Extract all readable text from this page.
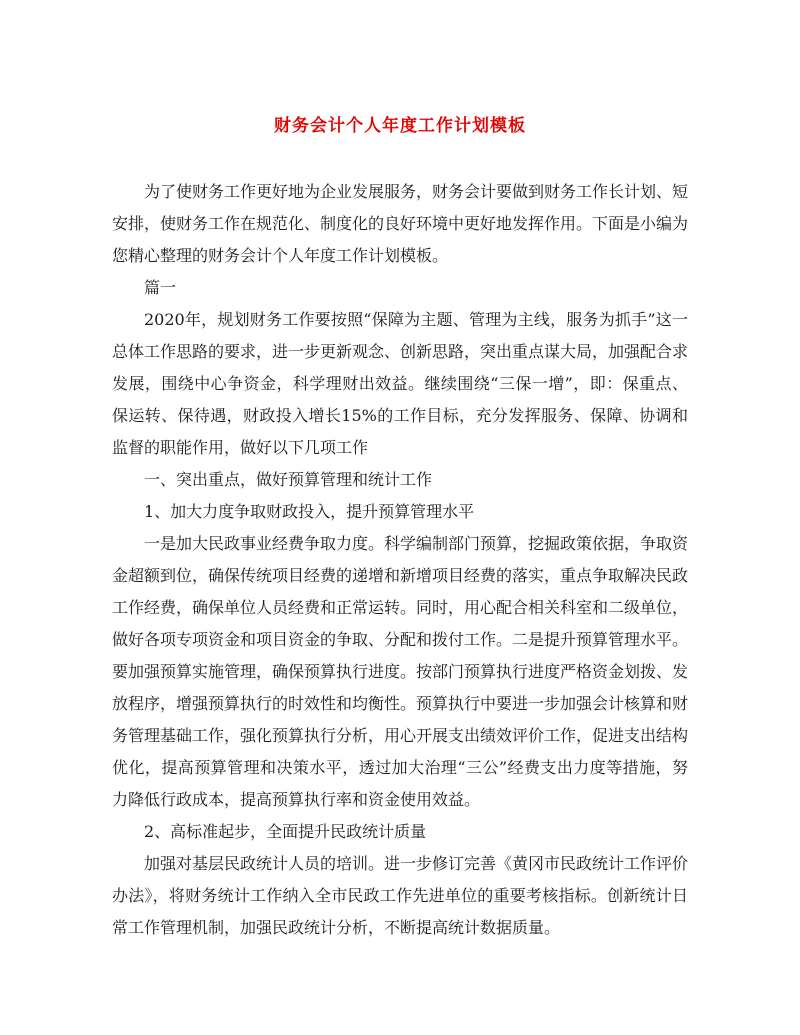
财务会计个人年度工作计划模板

为了使财务工作更好地为企业发展服务，财务会计要做到财务工作长计划、短安排，使财务工作在规范化、制度化的良好环境中更好地发挥作用。下面是小编为您精心整理的财务会计个人年度工作计划模板。

篇一

2020年，规划财务工作要按照“保障为主题、管理为主线，服务为抓手”这一总体工作思路的要求，进一步更新观念、创新思路，突出重点谋大局，加强配合求发展，围绕中心争资金，科学理财出效益。继续围绕“三保一增”，即：保重点、保运转、保待遇，财政投入增长15%的工作目标，充分发挥服务、保障、协调和监督的职能作用，做好以下几项工作

一、突出重点，做好预算管理和统计工作

1、加大力度争取财政投入，提升预算管理水平

一是加大民政事业经费争取力度。科学编制部门预算，挖掘政策依据，争取资金超额到位，确保传统项目经费的递增和新增项目经费的落实，重点争取解决民政工作经费，确保单位人员经费和正常运转。同时，用心配合相关科室和二级单位，做好各项专项资金和项目资金的争取、分配和拨付工作。二是提升预算管理水平。要加强预算实施管理，确保预算执行进度。按部门预算执行进度严格资金划拨、发放程序，增强预算执行的时效性和均衡性。预算执行中要进一步加强会计核算和财务管理基础工作，强化预算执行分析，用心开展支出绩效评价工作，促进支出结构优化，提高预算管理和决策水平，透过加大治理“三公”经费支出力度等措施，努力降低行政成本，提高预算执行率和资金使用效益。

2、高标准起步，全面提升民政统计质量

加强对基层民政统计人员的培训。进一步修订完善《黄冈市民政统计工作评价办法》，将财务统计工作纳入全市民政工作先进单位的重要考核指标。创新统计日常工作管理机制，加强民政统计分析，不断提高统计数据质量。
